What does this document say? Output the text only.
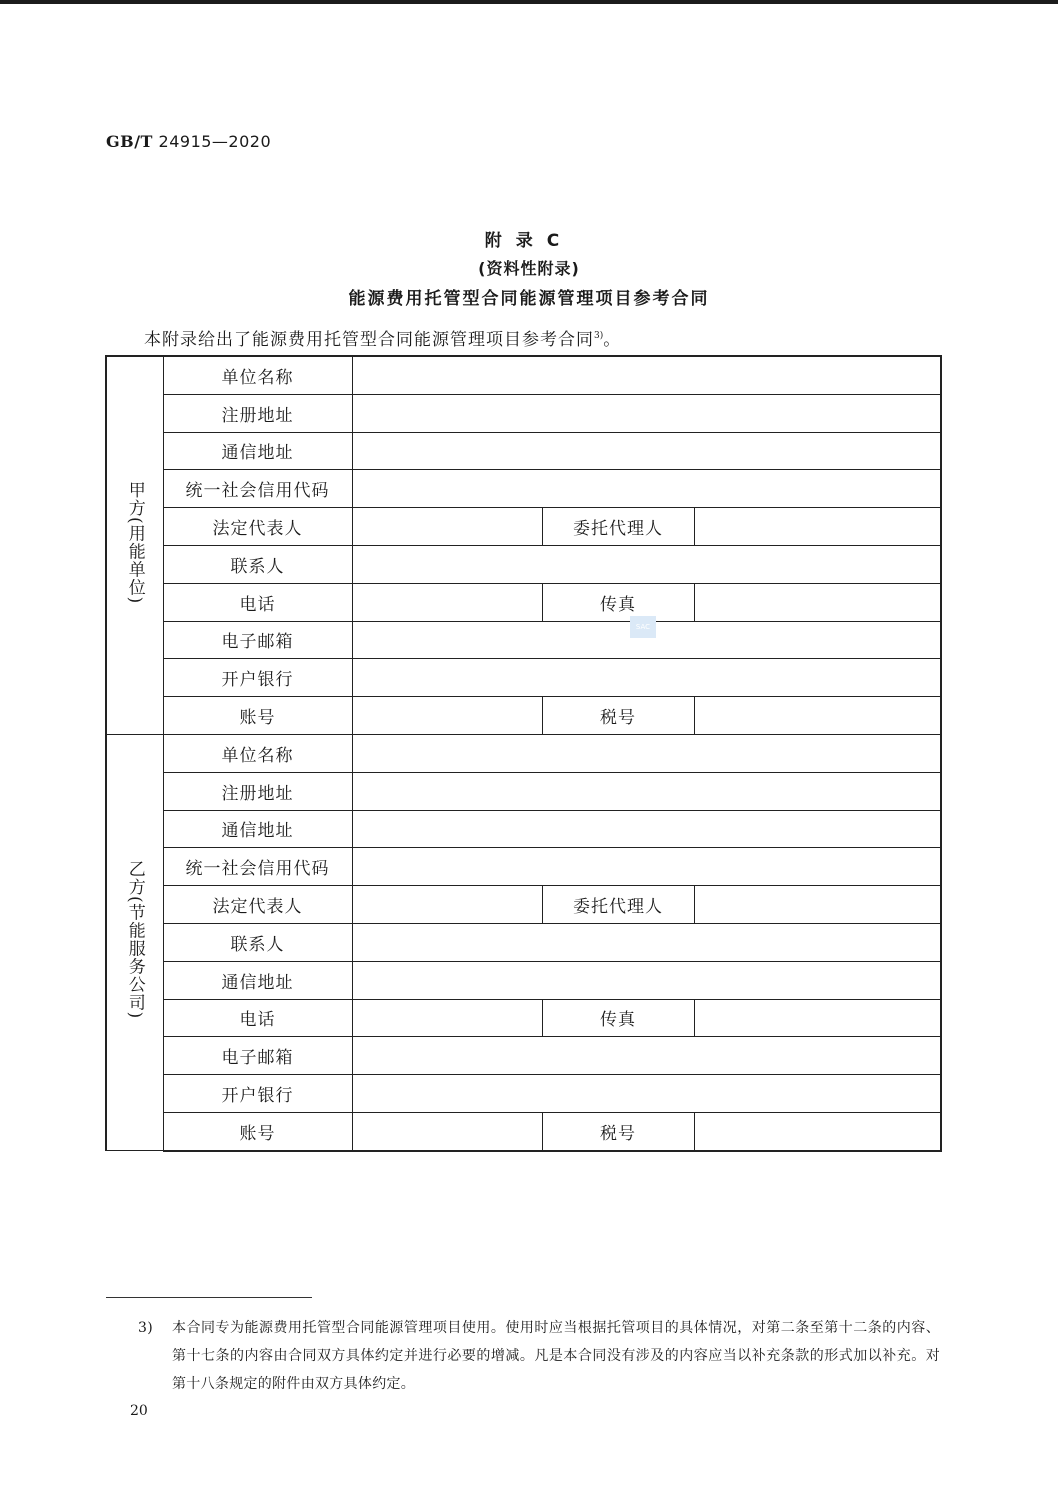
GB/T 24915—2020
附录C
(资料性附录)
能源费用托管型合同能源管理项目参考合同
本附录给出了能源费用托管型合同能源管理项目参考合同$^{3)}$。
甲方(用能单位)	单位名称			
	注册地址			
	通信地址			
	统一社会信用代码			
	法定代表人		委托代理人	
	联系人			
	电话		传真	
	电子邮箱			
	开户银行			
	账号		税号	
乙方(节能服务公司)	单位名称			
	注册地址			
	通信地址			
	统一社会信用代码			
	法定代表人		委托代理人	
	联系人			
	通信地址			
	电话		传真	
	电子邮箱			
	开户银行			
	账号		税号	
SAC
3) 本合同专为能源费用托管型合同能源管理项目使用。使用时应当根据托管项目的具体情况，对第二条至第十二条的内容、第十七条的内容由合同双方具体约定并进行必要的增减。凡是本合同没有涉及的内容应当以补充条款的形式加以补充。对第十八条规定的附件由双方具体约定。
20
